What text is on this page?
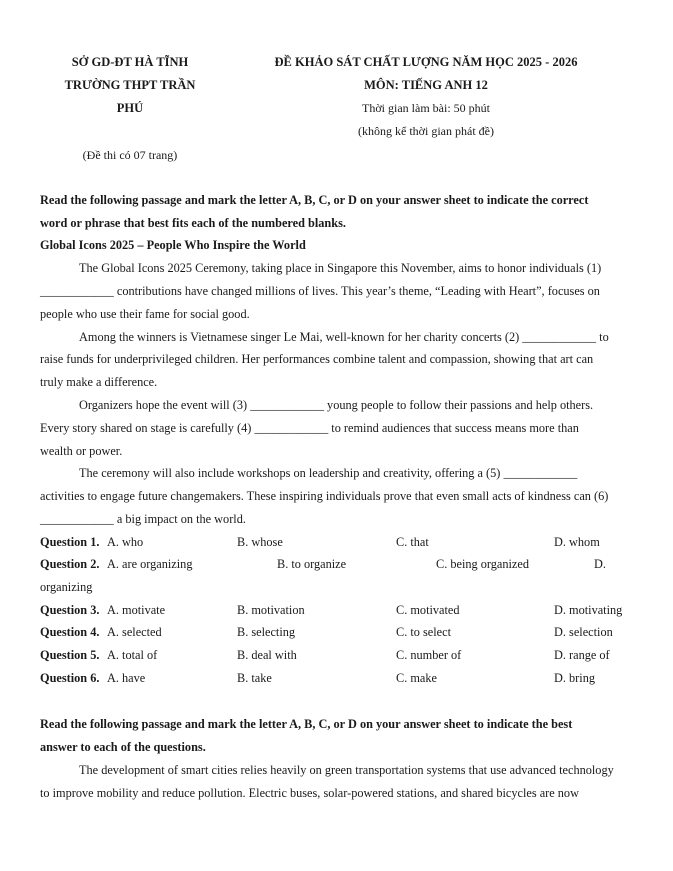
SỞ GD-ĐT HÀ TĨNH
TRƯỜNG THPT TRẦN
PHÚ
(Đề thi có 07 trang)
ĐỀ KHẢO SÁT CHẤT LƯỢNG NĂM HỌC 2025 - 2026
MÔN: TIẾNG ANH 12
Thời gian làm bài: 50 phút
(không kể thời gian phát đề)
Read the following passage and mark the letter A, B, C, or D on your answer sheet to indicate the correct
word or phrase that best fits each of the numbered blanks.
Global Icons 2025 – People Who Inspire the World
The Global Icons 2025 Ceremony, taking place in Singapore this November, aims to honor individuals (1)
____________ contributions have changed millions of lives. This year’s theme, “Leading with Heart”, focuses on
people who use their fame for social good.
Among the winners is Vietnamese singer Le Mai, well-known for her charity concerts (2) ____________ to
raise funds for underprivileged children. Her performances combine talent and compassion, showing that art can
truly make a difference.
Organizers hope the event will (3) ____________ young people to follow their passions and help others.
Every story shared on stage is carefully (4) ____________ to remind audiences that success means more than
wealth or power.
The ceremony will also include workshops on leadership and creativity, offering a (5) ____________
activities to engage future changemakers. These inspiring individuals prove that even small acts of kindness can (6)
____________ a big impact on the world.
Question 1. A. who	B. whose	C. that	D. whom
Question 2. A. are organizing	B. to organize	C. being organized	D.
organizing
Question 3. A. motivate	B. motivation	C. motivated	D. motivating
Question 4. A. selected	B. selecting	C. to select	D. selection
Question 5. A. total of	B. deal with	C. number of	D. range of
Question 6. A. have	B. take	C. make	D. bring
Read the following passage and mark the letter A, B, C, or D on your answer sheet to indicate the best
answer to each of the questions.
The development of smart cities relies heavily on green transportation systems that use advanced technology
to improve mobility and reduce pollution. Electric buses, solar-powered stations, and shared bicycles are now
